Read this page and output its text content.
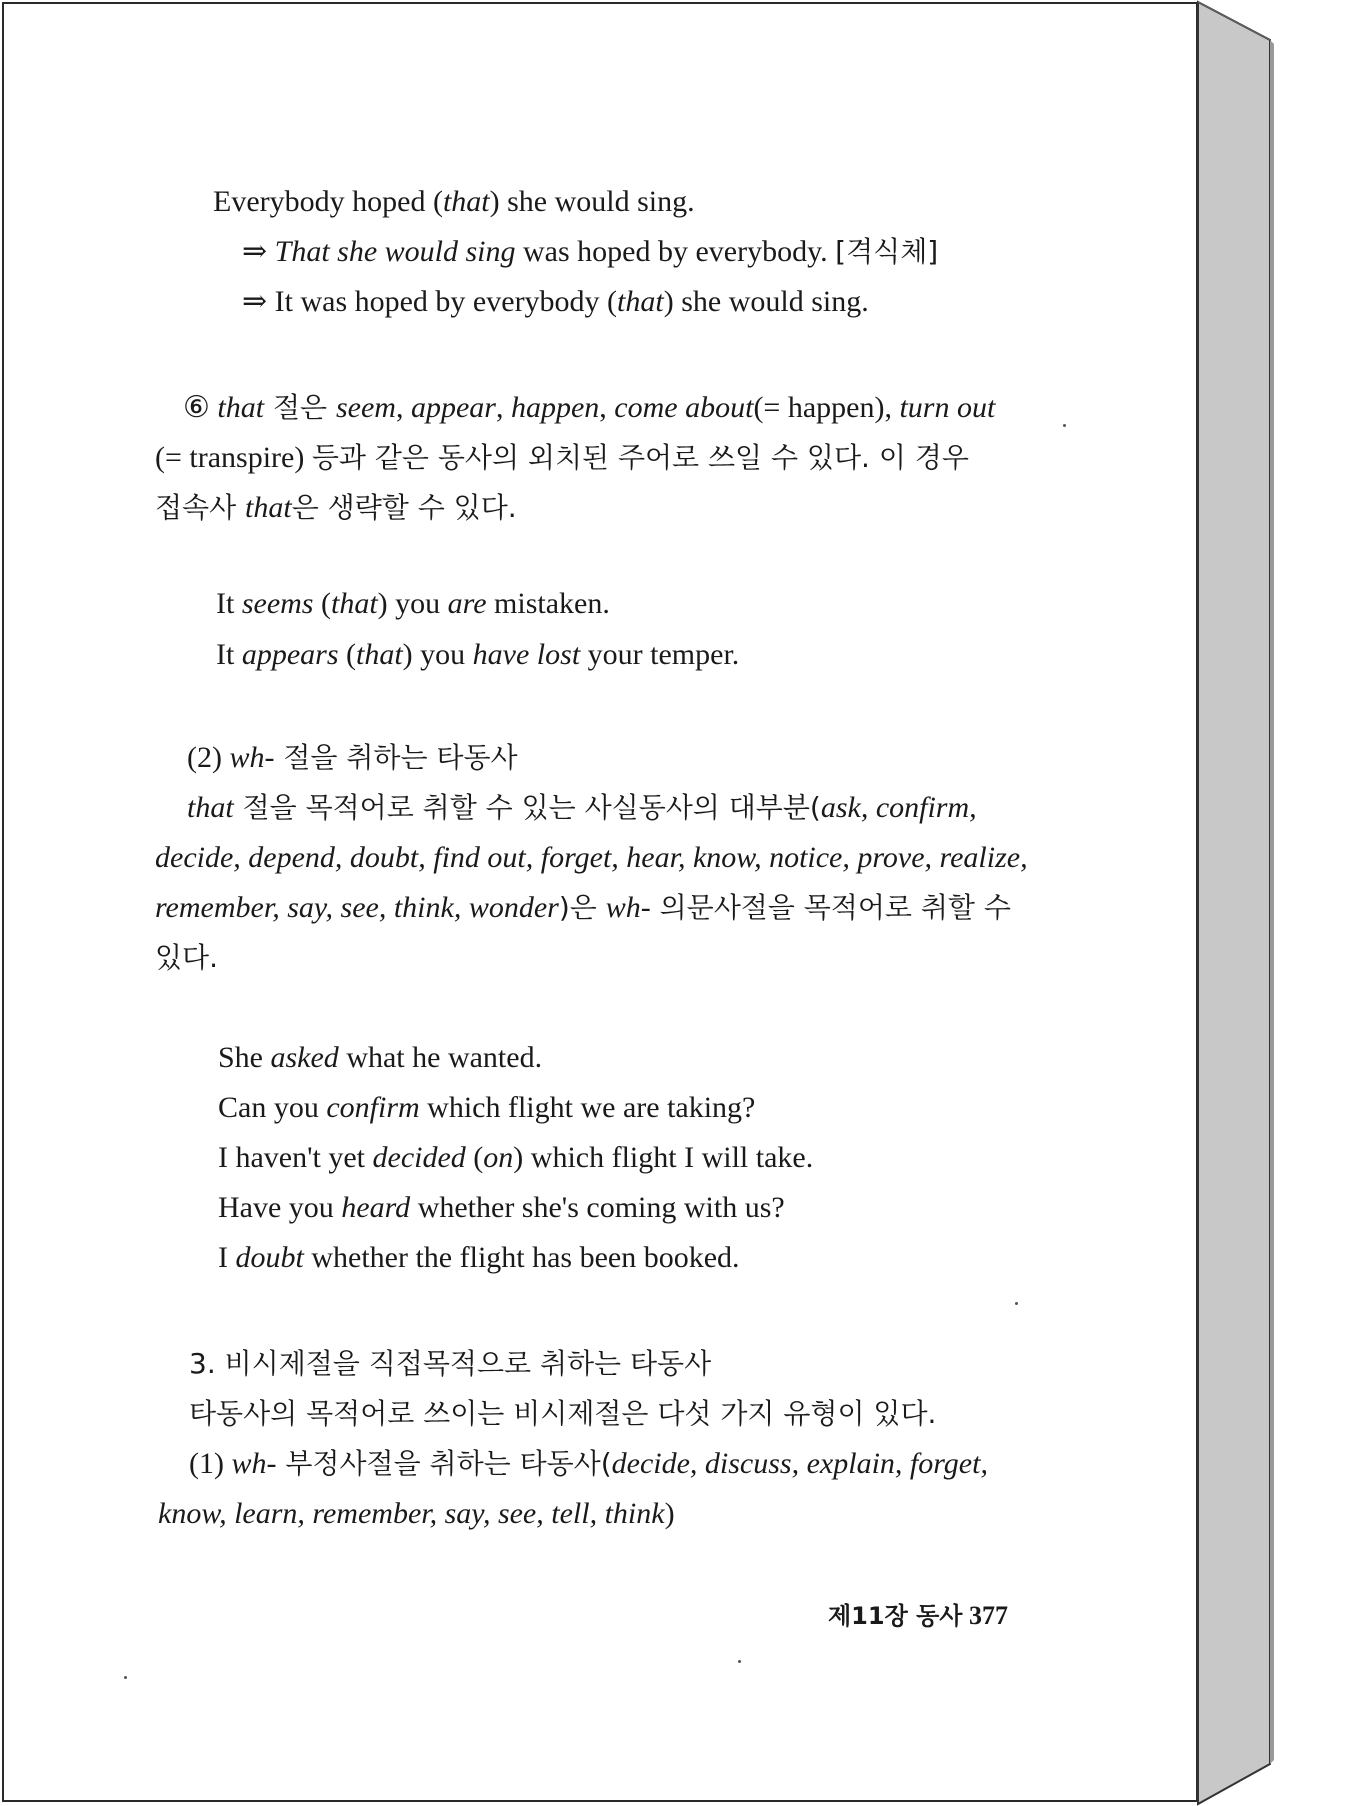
Everybody hoped (that) she would sing.
⇒ That she would sing was hoped by everybody. [격식체]
⇒ It was hoped by everybody (that) she would sing.
⑥ that 절은 seem, appear, happen, come about(= happen), turn out
(= transpire) 등과 같은 동사의 외치된 주어로 쓰일 수 있다. 이 경우
접속사 that은 생략할 수 있다.
It seems (that) you are mistaken.
It appears (that) you have lost your temper.
(2) wh- 절을 취하는 타동사
that 절을 목적어로 취할 수 있는 사실동사의 대부분(ask, confirm,
decide, depend, doubt, find out, forget, hear, know, notice, prove, realize,
remember, say, see, think, wonder)은 wh- 의문사절을 목적어로 취할 수
있다.
She asked what he wanted.
Can you confirm which flight we are taking?
I haven't yet decided (on) which flight I will take.
Have you heard whether she's coming with us?
I doubt whether the flight has been booked.
3. 비시제절을 직접목적으로 취하는 타동사
타동사의 목적어로 쓰이는 비시제절은 다섯 가지 유형이 있다.
(1) wh- 부정사절을 취하는 타동사(decide, discuss, explain, forget,
know, learn, remember, say, see, tell, think)
제11장 동사 377
